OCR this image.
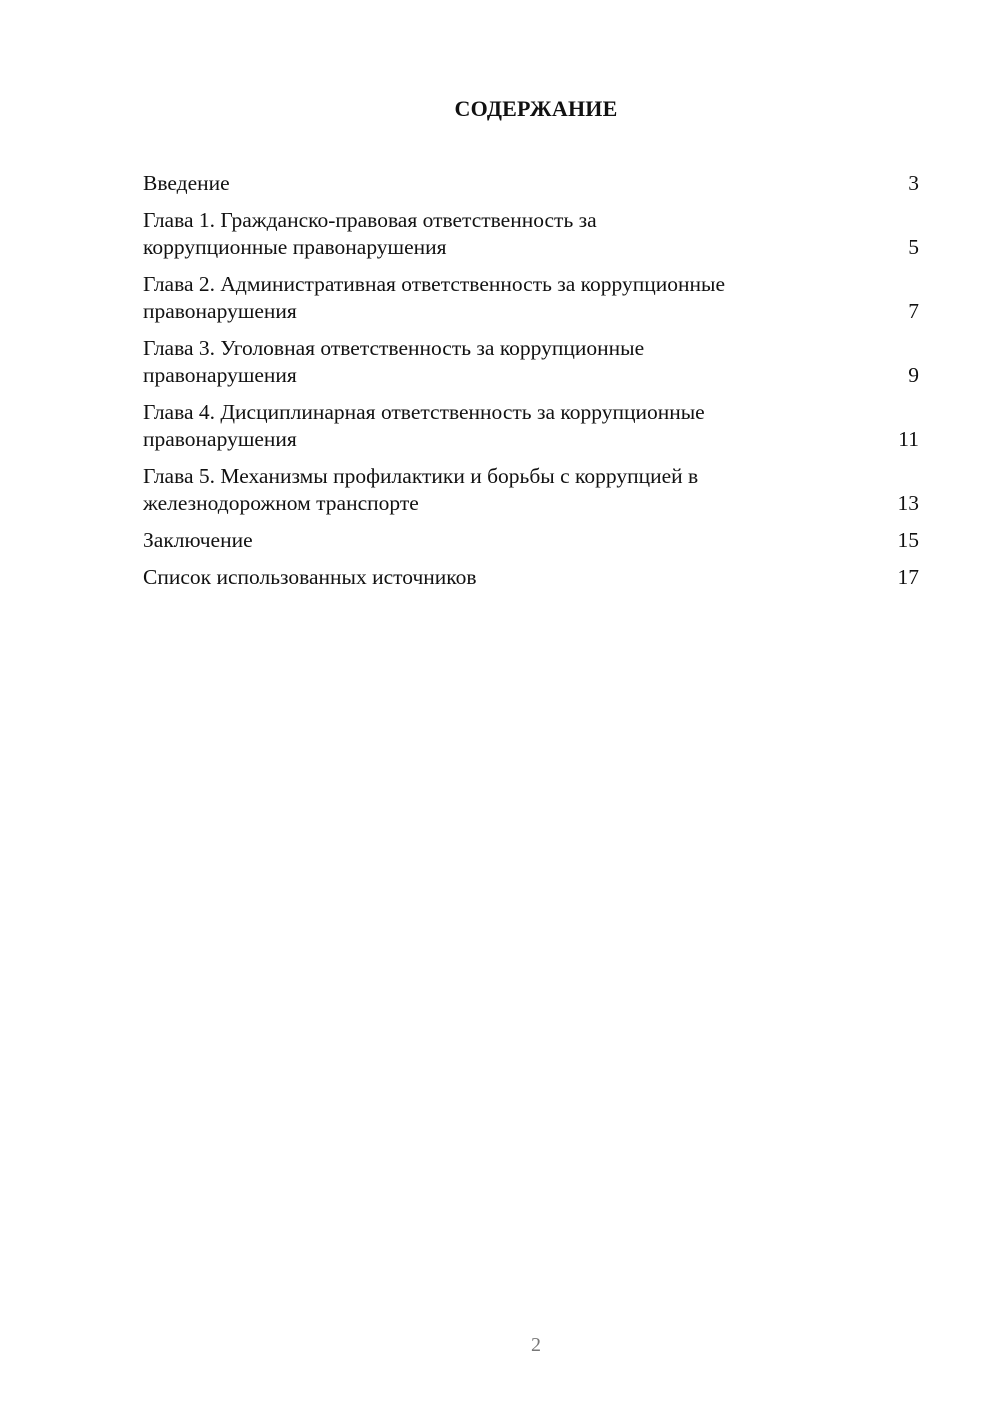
СОДЕРЖАНИЕ
Введение	3
Глава 1. Гражданско-правовая ответственность за коррупционные правонарушения	5
Глава 2. Административная ответственность за коррупционные правонарушения	7
Глава 3. Уголовная ответственность за коррупционные правонарушения	9
Глава 4. Дисциплинарная ответственность за коррупционные правонарушения	11
Глава 5. Механизмы профилактики и борьбы с коррупцией в железнодорожном транспорте	13
Заключение	15
Список использованных источников	17
2
